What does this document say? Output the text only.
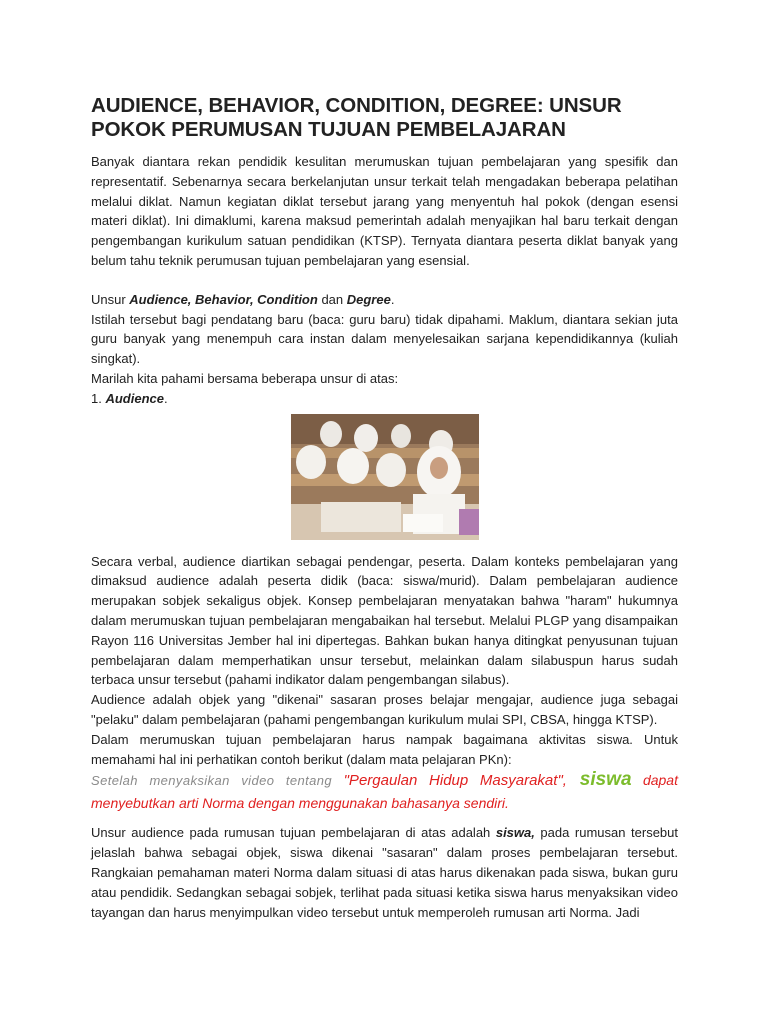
AUDIENCE, BEHAVIOR, CONDITION, DEGREE: UNSUR POKOK PERUMUSAN TUJUAN PEMBELAJARAN

Banyak diantara rekan pendidik kesulitan merumuskan tujuan pembelajaran yang spesifik dan representatif. Sebenarnya secara berkelanjutan unsur terkait telah mengadakan beberapa pelatihan melalui diklat. Namun kegiatan diklat tersebut jarang yang menyentuh hal pokok (dengan esensi materi diklat). Ini dimaklumi, karena maksud pemerintah adalah menyajikan hal baru terkait dengan pengembangan kurikulum satuan pendidikan (KTSP). Ternyata diantara peserta diklat banyak yang belum tahu teknik perumusan tujuan pembelajaran yang esensial.

Unsur Audience, Behavior, Condition dan Degree.

Istilah tersebut bagi pendatang baru (baca: guru baru) tidak dipahami. Maklum, diantara sekian juta guru banyak yang menempuh cara instan dalam menyelesaikan sarjana kependidikannya (kuliah singkat).

Marilah kita pahami bersama beberapa unsur di atas:

1. Audience.

Secara verbal, audience diartikan sebagai pendengar, peserta. Dalam konteks pembelajaran yang dimaksud audience adalah peserta didik (baca: siswa/murid). Dalam pembelajaran audience merupakan sobjek sekaligus objek. Konsep pembelajaran menyatakan bahwa "haram" hukumnya dalam merumuskan tujuan pembelajaran mengabaikan hal tersebut. Melalui PLGP yang disampaikan Rayon 116 Universitas Jember hal ini dipertegas. Bahkan bukan hanya ditingkat penyusunan tujuan pembelajaran dalam memperhatikan unsur tersebut, melainkan dalam silabuspun harus sudah terbaca unsur tersebut (pahami indikator dalam pengembangan silabus).

Audience adalah objek yang "dikenai" sasaran proses belajar mengajar, audience juga sebagai "pelaku" dalam pembelajaran (pahami pengembangan kurikulum mulai SPI, CBSA, hingga KTSP).

Dalam merumuskan tujuan pembelajaran harus nampak bagaimana aktivitas siswa. Untuk memahami hal ini perhatikan contoh berikut (dalam mata pelajaran PKn):

Setelah menyaksikan video tentang "Pergaulan Hidup Masyarakat", siswa dapat menyebutkan arti Norma dengan menggunakan bahasanya sendiri.

Unsur audience pada rumusan tujuan pembelajaran di atas adalah siswa, pada rumusan tersebut jelaslah bahwa sebagai objek, siswa dikenai "sasaran" dalam proses pembelajaran tersebut. Rangkaian pemahaman materi Norma dalam situasi di atas harus dikenakan pada siswa, bukan guru atau pendidik. Sedangkan sebagai sobjek, terlihat pada situasi ketika siswa harus menyaksikan video tayangan dan harus menyimpulkan video tersebut untuk memperoleh rumusan arti Norma. Jadi
